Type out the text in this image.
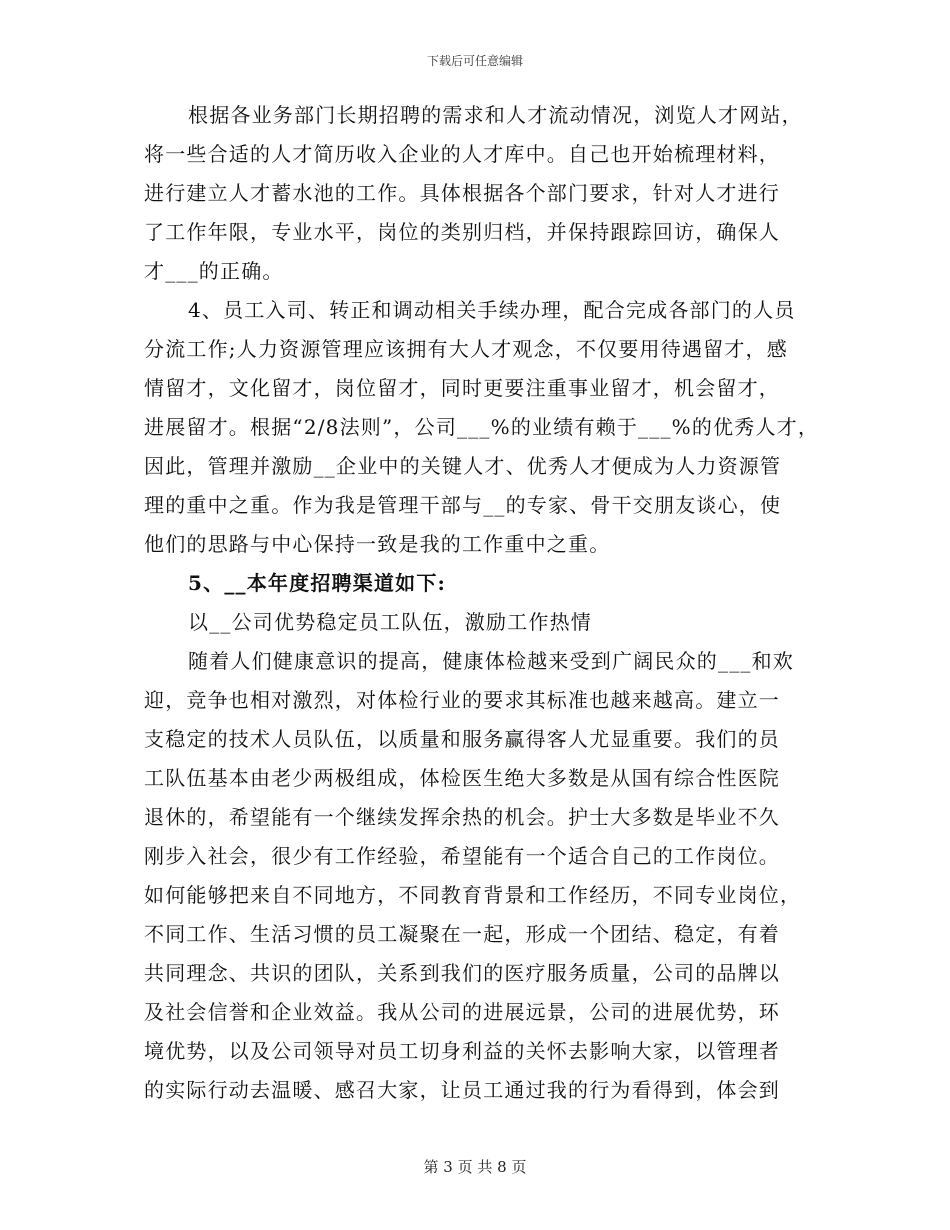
下载后可任意编辑
根据各业务部门长期招聘的需求和人才流动情况，浏览人才网站，
将一些合适的人才简历收入企业的人才库中。自己也开始梳理材料，
进行建立人才蓄水池的工作。具体根据各个部门要求，针对人才进行
了工作年限，专业水平，岗位的类别归档，并保持跟踪回访，确保人
才___的正确。
4、员工入司、转正和调动相关手续办理，配合完成各部门的人员
分流工作;人力资源管理应该拥有大人才观念，不仅要用待遇留才，感
情留才，文化留才，岗位留才，同时更要注重事业留才，机会留才，
进展留才。根据“2/8法则”，公司___%的业绩有赖于___%的优秀人才，
因此，管理并激励__企业中的关键人才、优秀人才便成为人力资源管
理的重中之重。作为我是管理干部与__的专家、骨干交朋友谈心，使
他们的思路与中心保持一致是我的工作重中之重。
5、__本年度招聘渠道如下:
以__公司优势稳定员工队伍，激励工作热情
随着人们健康意识的提高，健康体检越来受到广阔民众的___和欢
迎，竞争也相对激烈，对体检行业的要求其标准也越来越高。建立一
支稳定的技术人员队伍，以质量和服务赢得客人尤显重要。我们的员
工队伍基本由老少两极组成，体检医生绝大多数是从国有综合性医院
退休的，希望能有一个继续发挥余热的机会。护士大多数是毕业不久
刚步入社会，很少有工作经验，希望能有一个适合自己的工作岗位。
如何能够把来自不同地方，不同教育背景和工作经历，不同专业岗位，
不同工作、生活习惯的员工凝聚在一起，形成一个团结、稳定，有着
共同理念、共识的团队，关系到我们的医疗服务质量，公司的品牌以
及社会信誉和企业效益。我从公司的进展远景，公司的进展优势，环
境优势，以及公司领导对员工切身利益的关怀去影响大家，以管理者
的实际行动去温暖、感召大家，让员工通过我的行为看得到，体会到
第 3 页 共 8 页
